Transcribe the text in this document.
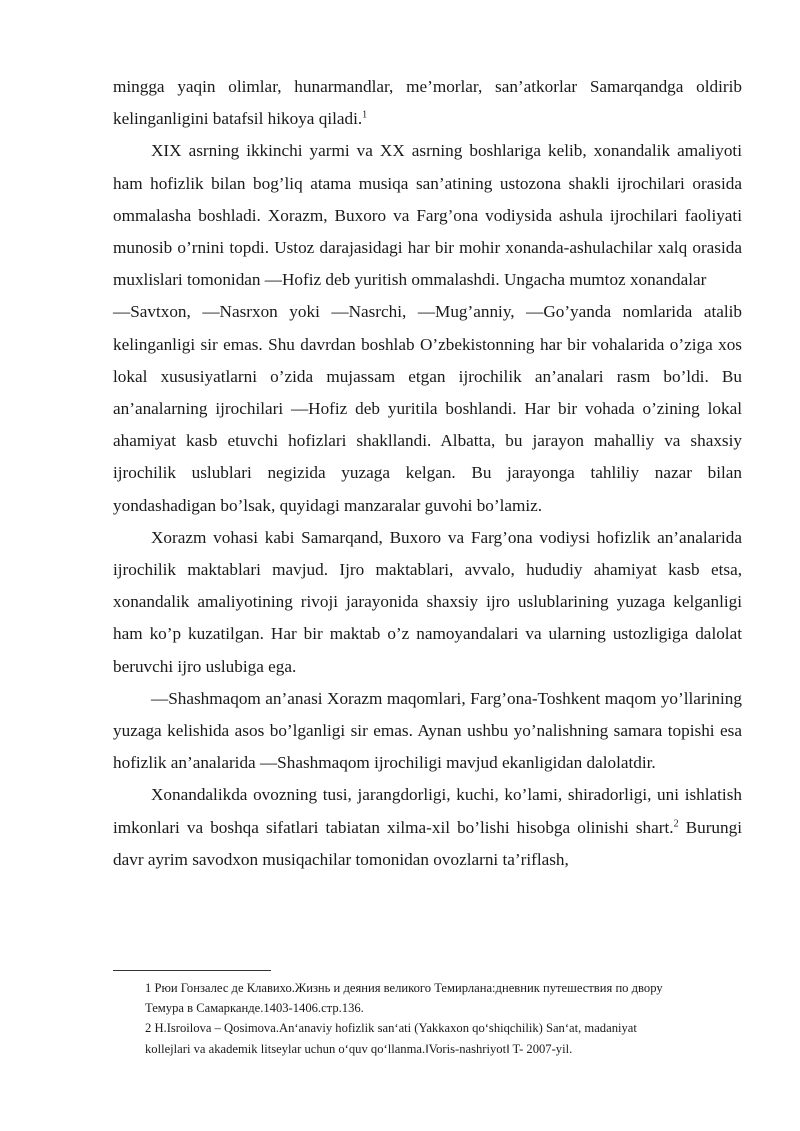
mingga yaqin olimlar, hunarmandlar, me’morlar, san’atkorlar Samarqandga oldirib kelinganligini batafsil hikoya qiladi.$^1$

XIX asrning ikkinchi yarmi va XX asrning boshlariga kelib, xonandalik amaliyoti ham hofizlik bilan bog’liq atama musiqa san’atining ustozona shakli ijrochilari orasida ommalasha boshladi. Xorazm, Buxoro va Farg’ona vodiysida ashula ijrochilari faoliyati munosib o’rnini topdi. Ustoz darajasidagi har bir mohir xonanda-ashulachilar xalq orasida muxlislari tomonidan —Hofiz deb yuritish ommalashdi. Ungacha mumtoz xonandalar

—Savtxon, —Nasrxon yoki —Nasrchi, —Mug’anniy, —Go’yanda nomlarida atalib kelinganligi sir emas. Shu davrdan boshlab O’zbekistonning har bir vohalarida o’ziga xos lokal xususiyatlarni o’zida mujassam etgan ijrochilik an’analari rasm bo’ldi. Bu an’analarning ijrochilari —Hofiz deb yuritila boshlandi. Har bir vohada o’zining lokal ahamiyat kasb etuvchi hofizlari shakllandi. Albatta, bu jarayon mahalliy va shaxsiy ijrochilik uslublari negizida yuzaga kelgan. Bu jarayonga tahliliy nazar bilan yondashadigan bo’lsak, quyidagi manzaralar guvohi bo’lamiz.

Xorazm vohasi kabi Samarqand, Buxoro va Farg’ona vodiysi hofizlik an’analarida ijrochilik maktablari mavjud. Ijro maktablari, avvalo, hududiy ahamiyat kasb etsa, xonandalik amaliyotining rivoji jarayonida shaxsiy ijro uslublarining yuzaga kelganligi ham ko’p kuzatilgan. Har bir maktab o’z namoyandalari va ularning ustozligiga dalolat beruvchi ijro uslubiga ega.

—Shashmaqom an’anasi Xorazm maqomlari, Farg’ona-Toshkent maqom yo’llarining yuzaga kelishida asos bo’lganligi sir emas. Aynan ushbu yo’nalishning samara topishi esa hofizlik an’analarida —Shashmaqom ijrochiligi mavjud ekanligidan dalolatdir.

Xonandalikda ovozning tusi, jarangdorligi, kuchi, ko’lami, shiradorligi, uni ishlatish imkonlari va boshqa sifatlari tabiatan xilma-xil bo’lishi hisobga olinishi shart.$^2$ Burungi davr ayrim savodxon musiqachilar tomonidan ovozlarni ta’riflash,

1 Рюи Гонзалес де Клавихо.Жизнь и деяния великого Темирлана:дневник путешествия по двору
Темура в Самарканде.1403-1406.стр.136.

2 H.Isroilova – Qosimova.An‘anaviy hofizlik san‘ati (Yakkaxon qo‘shiqchilik) San‘at, madaniyat
kollejlari va akademik litseylar uchun o‘quv qo‘llanma.‖Voris-nashriyot‖ T- 2007-yil.
